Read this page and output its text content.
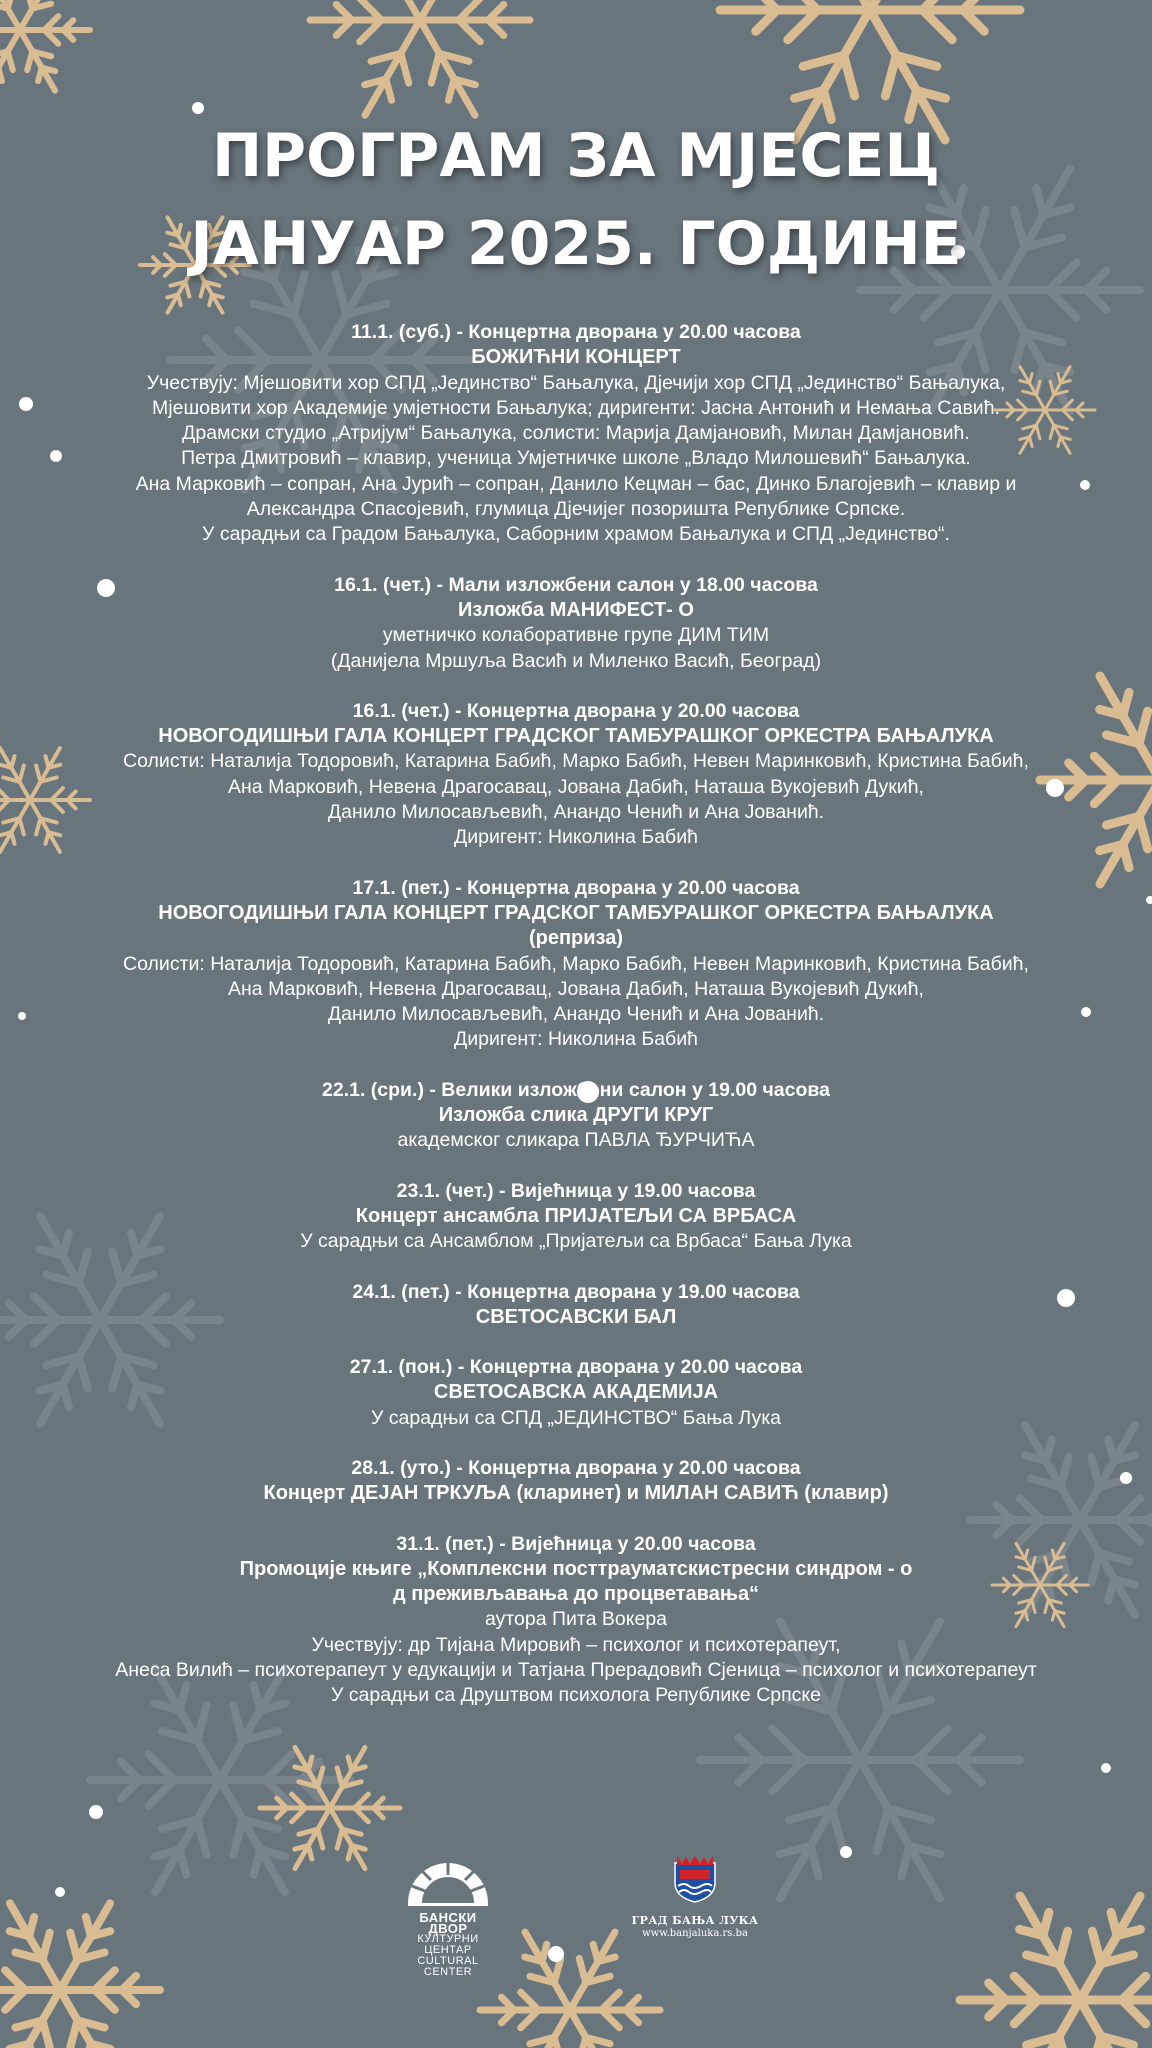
ПРОГРАМ ЗА МЈЕСЕЦ
ЈАНУАР 2025. ГОДИНЕ
11.1. (суб.) - Концертна дворана у 20.00 часова
БОЖИЋНИ КОНЦЕРТ
Учествују: Мјешовити хор СПД „Јединство“ Бањалука, Дјечији хор СПД „Јединство“ Бањалука,
Мјешовити хор Академије умјетности Бањалука; диригенти: Јасна Антонић и Немања Савић.
Драмски студио „Атријум“ Бањалука, солисти: Марија Дамјановић, Милан Дамјановић.
Петра Дмитровић – клавир, ученица Умјетничке школе „Владо Милошевић“ Бањалука.
Ана Марковић – сопран, Ана Јурић – сопран, Данило Кецман – бас, Динко Благојевић – клавир и
Александра Спасојевић, глумица Дјечијег позоришта Републике Српске.
У сарадњи са Градом Бањалука, Саборним храмом Бањалука и СПД „Јединство“.
16.1. (чет.) - Мали изложбени салон у 18.00 часова
Изложба МАНИФЕСТ- О
уметничко колаборативне групе ДИМ ТИМ
(Данијела Мршуља Васић и Миленко Васић, Београд)
16.1. (чет.) - Концертна дворана у 20.00 часова
НОВОГОДИШЊИ ГАЛА КОНЦЕРТ ГРАДСКОГ ТАМБУРАШКОГ ОРКЕСТРА БАЊАЛУКА
Солисти: Наталија Тодоровић, Катарина Бабић, Марко Бабић, Невен Маринковић, Кристина Бабић,
Ана Марковић, Невена Драгосавац, Јована Дабић, Наташа Вукојевић Дукић,
Данило Милосављевић, Анандо Ченић и Ана Јованић.
Диригент: Николина Бабић
17.1. (пет.) - Концертна дворана у 20.00 часова
НОВОГОДИШЊИ ГАЛА КОНЦЕРТ ГРАДСКОГ ТАМБУРАШКОГ ОРКЕСТРА БАЊАЛУКА
(реприза)
Солисти: Наталија Тодоровић, Катарина Бабић, Марко Бабић, Невен Маринковић, Кристина Бабић,
Ана Марковић, Невена Драгосавац, Јована Дабић, Наташа Вукојевић Дукић,
Данило Милосављевић, Анандо Ченић и Ана Јованић.
Диригент: Николина Бабић
22.1. (сри.) - Велики изложбени салон у 19.00 часова
Изложба слика ДРУГИ КРУГ
академског сликара ПАВЛА ЂУРЧИЋА
23.1. (чет.) - Вијећница у 19.00 часова
Концерт ансамбла ПРИЈАТЕЉИ СА ВРБАСА
У сарадњи са Ансамблом „Пријатељи са Врбаса“ Бања Лука
24.1. (пет.) - Концертна дворана у 19.00 часова
СВЕТОСАВСКИ БАЛ
27.1. (пон.) - Концертна дворана у 20.00 часова
СВЕТОСАВСКА АКАДЕМИЈА
У сарадњи са СПД „ЈЕДИНСТВО“ Бања Лука
28.1. (уто.) - Концертна дворана у 20.00 часова
Концерт ДЕЈАН ТРКУЉА (кларинет) и МИЛАН САВИЋ (клавир)
31.1. (пет.) - Вијећница у 20.00 часова
Промоције књиге „Комплексни посттрауматскистресни синдром - о
д преживљавања до процветавања“
аутора Пита Вокера
Учествују: др Тијана Мировић – психолог и психотерапеут,
Анеса Вилић – психотерапеут у едукацији и Татјана Прерадовић Сјеница – психолог и психотерапеут
У сарадњи са Друштвом психолога Републике Српске
БАНСКИ ДВОР
КУЛТУРНИ ЦЕНТАР
CULTURAL CENTER
ГРАД БАЊА ЛУКА
www.banjaluka.rs.ba
